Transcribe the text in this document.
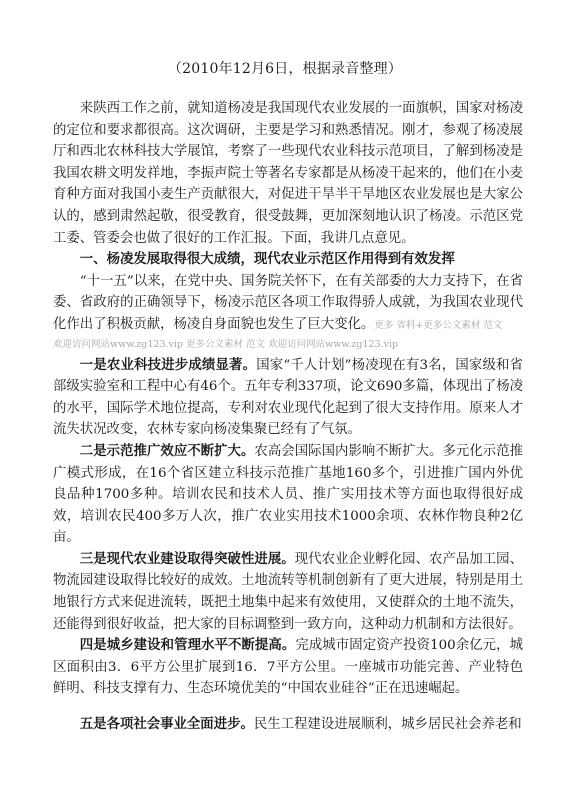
（2010年12月6日，根据录音整理）

来陕西工作之前，就知道杨凌是我国现代农业发展的一面旗帜，国家对杨凌的定位和要求都很高。这次调研，主要是学习和熟悉情况。刚才，参观了杨凌展厅和西北农林科技大学展馆，考察了一些现代农业科技示范项目，了解到杨凌是我国农耕文明发祥地，李振声院士等著名专家都是从杨凌干起来的，他们在小麦育种方面对我国小麦生产贡献很大，对促进干旱半干旱地区农业发展也是大家公认的，感到肃然起敬，很受教育，很受鼓舞，更加深刻地认识了杨凌。示范区党工委、管委会也做了很好的工作汇报。下面，我讲几点意见。

一、杨凌发展取得很大成绩，现代农业示范区作用得到有效发挥

“十一五”以来，在党中央、国务院关怀下，在有关部委的大力支持下，在省委、省政府的正确领导下，杨凌示范区各项工作取得骄人成就，为我国农业现代化作出了积极贡献，杨凌自身面貌也发生了巨大变化。更多 省料+更多公文素材 范文

欢迎访问网站www.zg123.vip 更多公文素材 范文 欢迎访问网站www.zg123.vip

一是农业科技进步成绩显著。国家“千人计划”杨凌现在有3名，国家级和省部级实验室和工程中心有46个。五年专利337项，论文690多篇，体现出了杨凌的水平，国际学术地位提高，专利对农业现代化起到了很大支持作用。原来人才流失状况改变，农林专家向杨凌集聚已经有了气氛。

二是示范推广效应不断扩大。农高会国际国内影响不断扩大。多元化示范推广模式形成，在16个省区建立科技示范推广基地160多个，引进推广国内外优良品种1700多种。培训农民和技术人员、推广实用技术等方面也取得很好成效，培训农民400多万人次，推广农业实用技术1000余项、农林作物良种2亿亩。

三是现代农业建设取得突破性进展。现代农业企业孵化园、农产品加工园、物流园建设取得比较好的成效。土地流转等机制创新有了更大进展，特别是用土地银行方式来促进流转，既把土地集中起来有效使用，又使群众的土地不流失，还能得到很好收益，把大家的目标调整到一致方向，这种动力机制和方法很好。

四是城乡建设和管理水平不断提高。完成城市固定资产投资100余亿元，城区面积由3．6平方公里扩展到16．7平方公里。一座城市功能完善、产业特色鲜明、科技支撑有力、生态环境优美的“中国农业硅谷”正在迅速崛起。

五是各项社会事业全面进步。民生工程建设进展顺利，城乡居民社会养老和
